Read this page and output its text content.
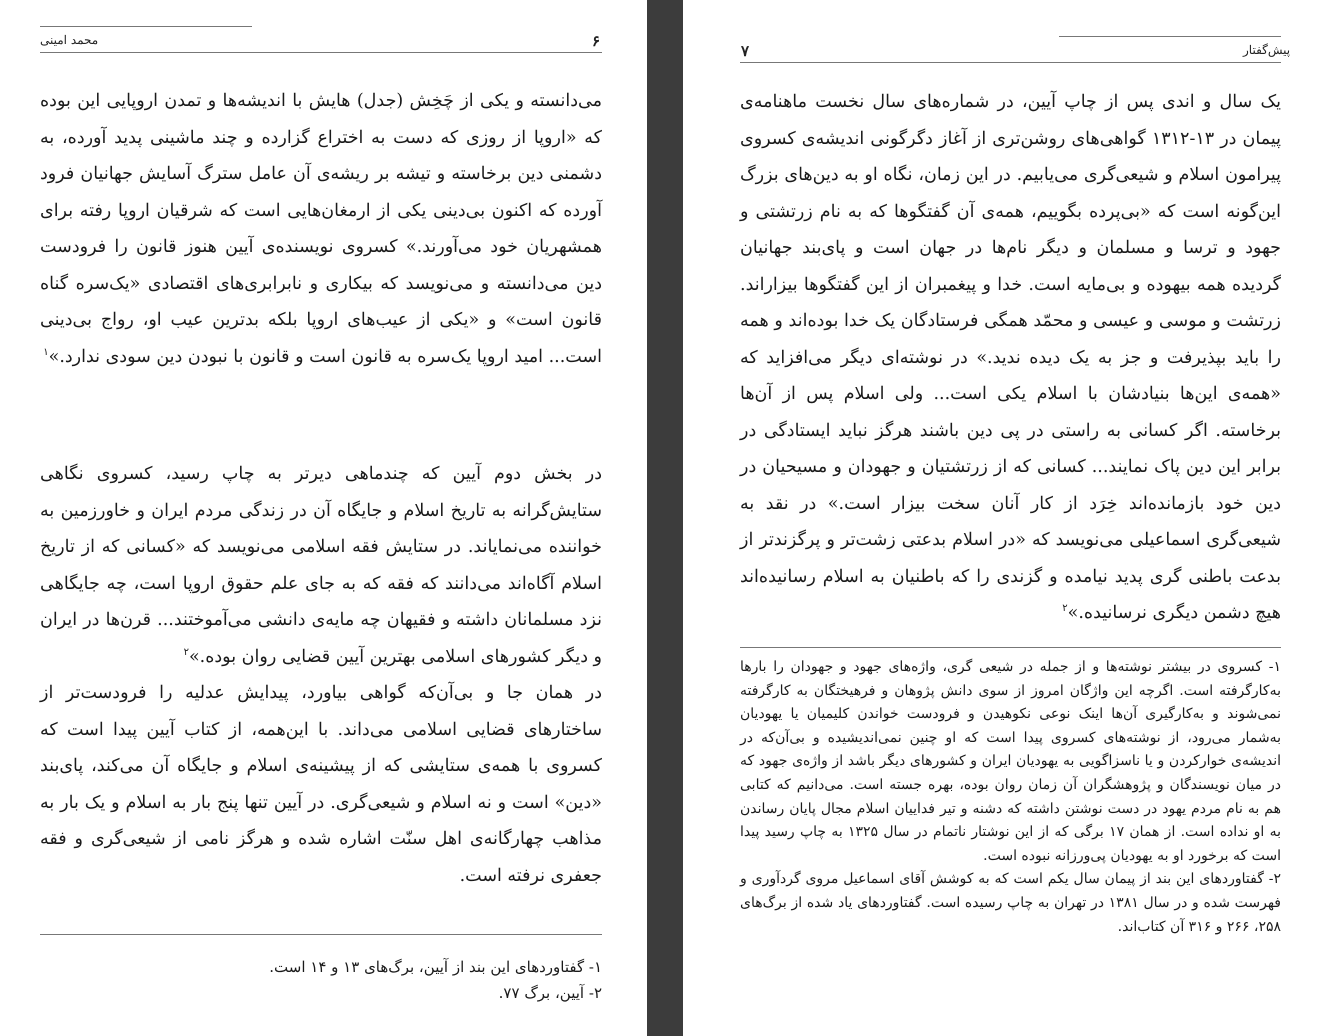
محمد امینی	۶

می‌دانسته و یکی از چَخِش (جدل) هایش با اندیشه‌ها و تمدن اروپایی این بوده که «اروپا از روزی که دست به اختراع گزارده و چند ماشینی پدید آورده، به دشمنی دین برخاسته و تیشه بر ریشه‌ی آن عامل سترگ آسایش جهانیان فرود آورده که اکنون بی‌دینی یکی از ارمغان‌هایی است که شرقیان اروپا رفته برای همشهریان خود می‌آورند.» کسروی نویسنده‌ی آیین هنوز قانون را فرودست دین می‌دانسته و می‌نویسد که بیکاری و نابرابری‌های اقتصادی «یک‌سره گناه قانون است» و «یکی از عیب‌های اروپا بلکه بدترین عیب او، رواج بی‌دینی است... امید اروپا یک‌سره به قانون است و قانون با نبودن دین سودی ندارد.»$^۱$

در بخش دوم آیین که چندماهی دیرتر به چاپ رسید، کسروی نگاهی ستایش‌گرانه به تاریخ اسلام و جایگاه آن در زندگی مردم ایران و خاورزمین به خواننده می‌نمایاند. در ستایش فقه اسلامی می‌نویسد که «کسانی که از تاریخ اسلام آگاه‌اند می‌دانند که فقه که به جای علم حقوق اروپا است، چه جایگاهی نزد مسلمانان داشته و فقیهان چه مایه‌ی دانشی می‌آموختند... قرن‌ها در ایران و دیگر کشورهای اسلامی بهترین آیین قضایی روان بوده.»$^۲$

در همان جا و بی‌آن‌که گواهی بیاورد، پیدایش عدلیه را فرودست‌تر از ساختارهای قضایی اسلامی می‌داند. با این‌همه، از کتاب آیین پیدا است که کسروی با همه‌ی ستایشی که از پیشینه‌ی اسلام و جایگاه آن می‌کند، پای‌بند «دین» است و نه اسلام و شیعی‌گری. در آیین تنها پنج بار به اسلام و یک بار به مذاهب چهارگانه‌ی اهل سنّت اشاره شده و هرگز نامی از شیعی‌گری و فقه جعفری نرفته است.

۱- گفتاوردهای این بند از آیین، برگ‌های ۱۳ و ۱۴ است.

۲- آیین، برگ ۷۷.

پیش‌گفتار
۷

یک سال و اندی پس از چاپ آیین، در شماره‌های سال نخست ماهنامه‌ی پیمان در ۱۳-۱۳۱۲ گواهی‌های روشن‌تری از آغاز دگرگونی اندیشه‌ی کسروی پیرامون اسلام و شیعی‌گری می‌یابیم. در این زمان، نگاه او به دین‌های بزرگ این‌گونه است که «بی‌پرده بگوییم، همه‌ی آن گفتگوها که به نام زرتشتی و جهود و ترسا و مسلمان و دیگر نام‌ها در جهان است و پای‌بند جهانیان گردیده همه بیهوده و بی‌مایه است. خدا و پیغمبران از این گفتگوها بیزاراند. زرتشت و موسی و عیسی و محمّد همگی فرستادگان یک خدا بوده‌اند و همه را باید بپذیرفت و جز به یک دیده ندید.» در نوشته‌ای دیگر می‌افزاید که «همه‌ی این‌ها بنیادشان با اسلام یکی است... ولی اسلام پس از آن‌ها برخاسته. اگر کسانی به راستی در پی دین باشند هرگز نباید ایستادگی در برابر این دین پاک نمایند... کسانی که از زرتشتیان و جهودان و مسیحیان در دین خود بازمانده‌اند خِرَد از کار آنان سخت بیزار است.» در نقد به شیعی‌گری اسماعیلی می‌نویسد که «در اسلام بدعتی زشت‌تر و پرگزندتر از بدعت باطنی گری پدید نیامده و گزندی را که باطنیان به اسلام رسانیده‌اند هیچ دشمن دیگری نرسانیده.»$^۲$

۱- کسروی در بیشتر نوشته‌ها و از جمله در شیعی گری، واژه‌های جهود و جهودان را بارها به‌کارگرفته است. اگرچه این واژگان امروز از سوی دانش پژوهان و فرهیختگان به کارگرفته نمی‌شوند و به‌کارگیری آن‌ها اینک نوعی نکوهیدن و فرودست خواندن کلیمیان یا یهودیان به‌شمار می‌رود، از نوشته‌های کسروی پیدا است که او چنین نمی‌اندیشیده و بی‌آن‌که در اندیشه‌ی خوارکردن و یا ناسزاگویی به یهودیان ایران و کشورهای دیگر باشد از واژه‌ی جهود که در میان نویسندگان و پژوهشگران آن زمان روان بوده، بهره جسته است. می‌دانیم که کتابی هم به نام مردم یهود در دست نوشتن داشته که دشنه و تیر فداییان اسلام مجال پایان رساندن به او نداده است. از همان ۱۷ برگی که از این نوشتار ناتمام در سال ۱۳۲۵ به چاپ رسید پیدا است که برخورد او به یهودیان پی‌ورزانه نبوده است.

۲- گفتاوردهای این بند از پیمان سال یکم است که به کوشش آقای اسماعیل مروی گردآوری و فهرست شده و در سال ۱۳۸۱ در تهران به چاپ رسیده است. گفتاوردهای یاد شده از برگ‌های ۲۵۸، ۲۶۶ و ۳۱۶ آن کتاب‌اند.
